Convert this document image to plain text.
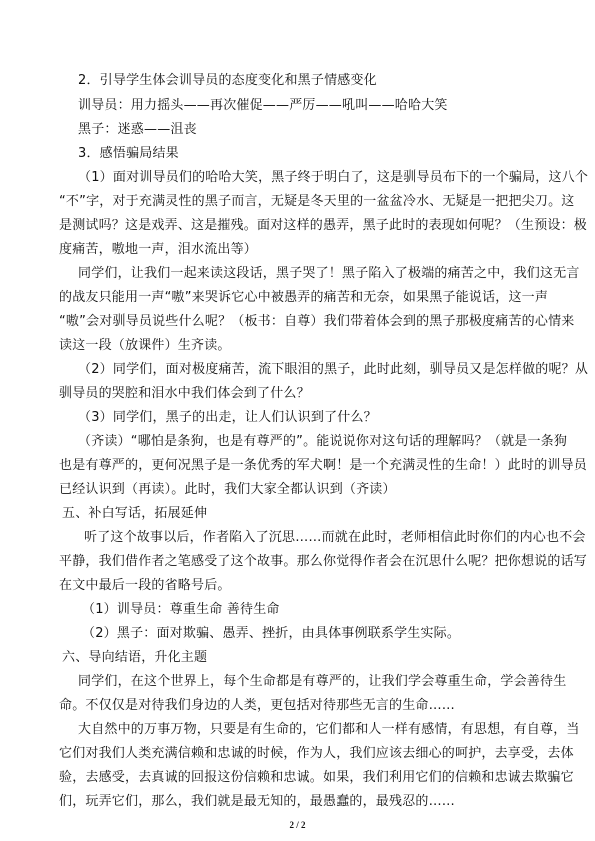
2．引导学生体会训导员的态度变化和黑子情感变化
训导员：用力摇头——再次催促——严厉——吼叫——哈哈大笑
黑子：迷惑——沮丧
3．感悟骗局结果
（1）面对训导员们的哈哈大笑，黑子终于明白了，这是驯导员布下的一个骗局，这八个
“不”字，对于充满灵性的黑子而言，无疑是冬天里的一盆盆冷水、无疑是一把把尖刀。这
是测试吗？这是戏弄、这是摧残。面对这样的愚弄，黑子此时的表现如何呢？（生预设：极
度痛苦，嗷地一声，泪水流出等）
同学们，让我们一起来读这段话，黑子哭了！黑子陷入了极端的痛苦之中，我们这无言
的战友只能用一声“嗷”来哭诉它心中被愚弄的痛苦和无奈，如果黑子能说话，这一声
“嗷”会对驯导员说些什么呢？（板书：自尊）我们带着体会到的黑子那极度痛苦的心情来
读这一段（放课件）生齐读。
（2）同学们，面对极度痛苦，流下眼泪的黑子，此时此刻，驯导员又是怎样做的呢？从
驯导员的哭腔和泪水中我们体会到了什么？
（3）同学们，黑子的出走，让人们认识到了什么？
（齐读）“哪怕是条狗，也是有尊严的”。能说说你对这句话的理解吗？（就是一条狗
也是有尊严的，更何况黑子是一条优秀的军犬啊！是一个充满灵性的生命！）此时的训导员
已经认识到（再读）。此时，我们大家全都认识到（齐读）
五、补白写话，拓展延伸
听了这个故事以后，作者陷入了沉思……而就在此时，老师相信此时你们的内心也不会
平静，我们借作者之笔感受了这个故事。那么你觉得作者会在沉思什么呢？把你想说的话写
在文中最后一段的省略号后。
（1）训导员：尊重生命 善待生命
（2）黑子：面对欺骗、愚弄、挫折，由具体事例联系学生实际。
六、导向结语，升化主题
同学们，在这个世界上，每个生命都是有尊严的，让我们学会尊重生命，学会善待生
命。不仅仅是对待我们身边的人类，更包括对待那些无言的生命……
大自然中的万事万物，只要是有生命的，它们都和人一样有感情，有思想，有自尊，当
它们对我们人类充满信赖和忠诚的时候，作为人，我们应该去细心的呵护，去享受，去体
验，去感受，去真诚的回报这份信赖和忠诚。如果，我们利用它们的信赖和忠诚去欺骗它
们，玩弄它们，那么，我们就是最无知的，最愚蠢的，最残忍的……
2 / 2
